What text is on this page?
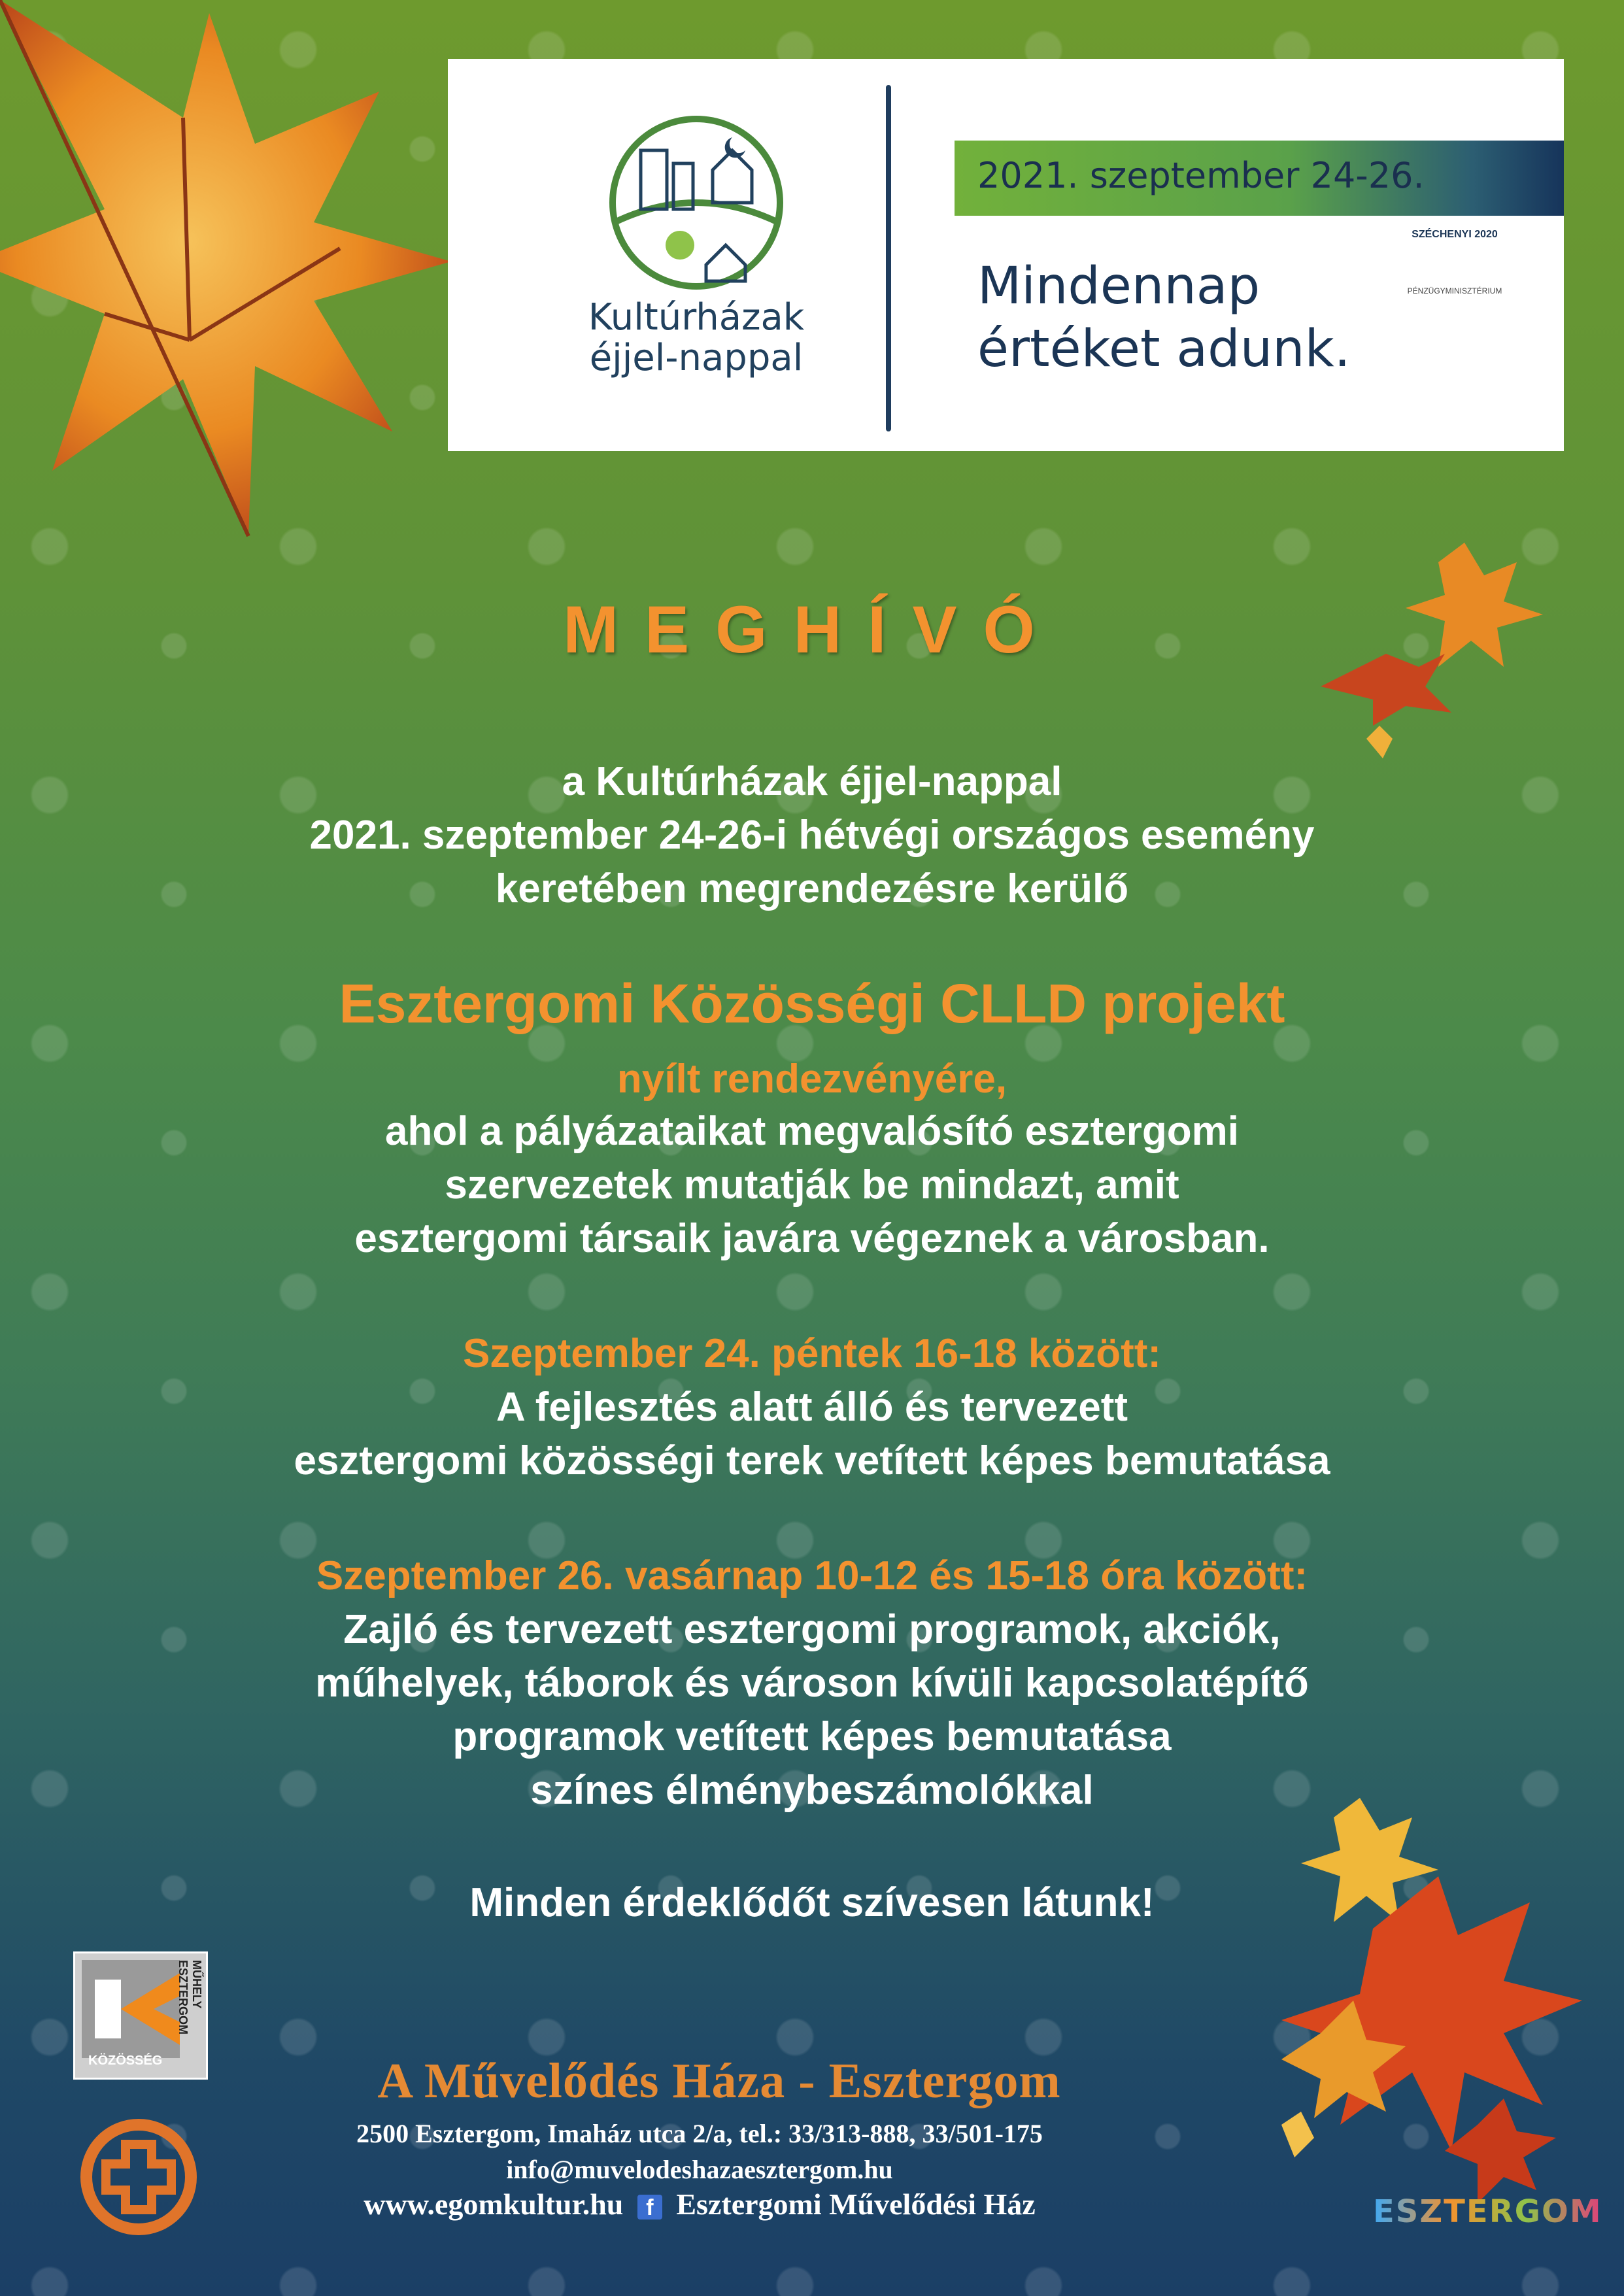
Kultúrházak
éjjel-nappal
2021. szeptember 24-26.
Mindennap
értéket adunk.
SZÉCHENYI 2020
PÉNZÜGYMINISZTÉRIUM
MEGHÍVÓ
a Kultúrházak éjjel-nappal
2021. szeptember 24-26-i hétvégi országos esemény
keretében megrendezésre kerülő
Esztergomi Közösségi CLLD projekt
nyílt rendezvényére,
ahol a pályázataikat megvalósító esztergomi
szervezetek mutatják be mindazt, amit
esztergomi társaik javára végeznek a városban.
Szeptember 24. péntek 16-18 között:
A fejlesztés alatt álló és tervezett
esztergomi közösségi terek vetített képes bemutatása
Szeptember 26. vasárnap 10-12 és 15-18 óra között:
Zajló és tervezett esztergomi programok, akciók,
műhelyek, táborok és városon kívüli kapcsolatépítő
programok vetített képes bemutatása
színes élménybeszámolókkal
Minden érdeklődőt szívesen látunk!
KÖZÖSSÉG
MŰHELY ESZTERGOM
A Művelődés Háza - Esztergom
2500 Esztergom, Imaház utca 2/a, tel.: 33/313-888, 33/501-175
info@muvelodeshazaesztergom.hu
www.egomkultur.hu f Esztergomi Művelődési Ház	ESZTERGOM
